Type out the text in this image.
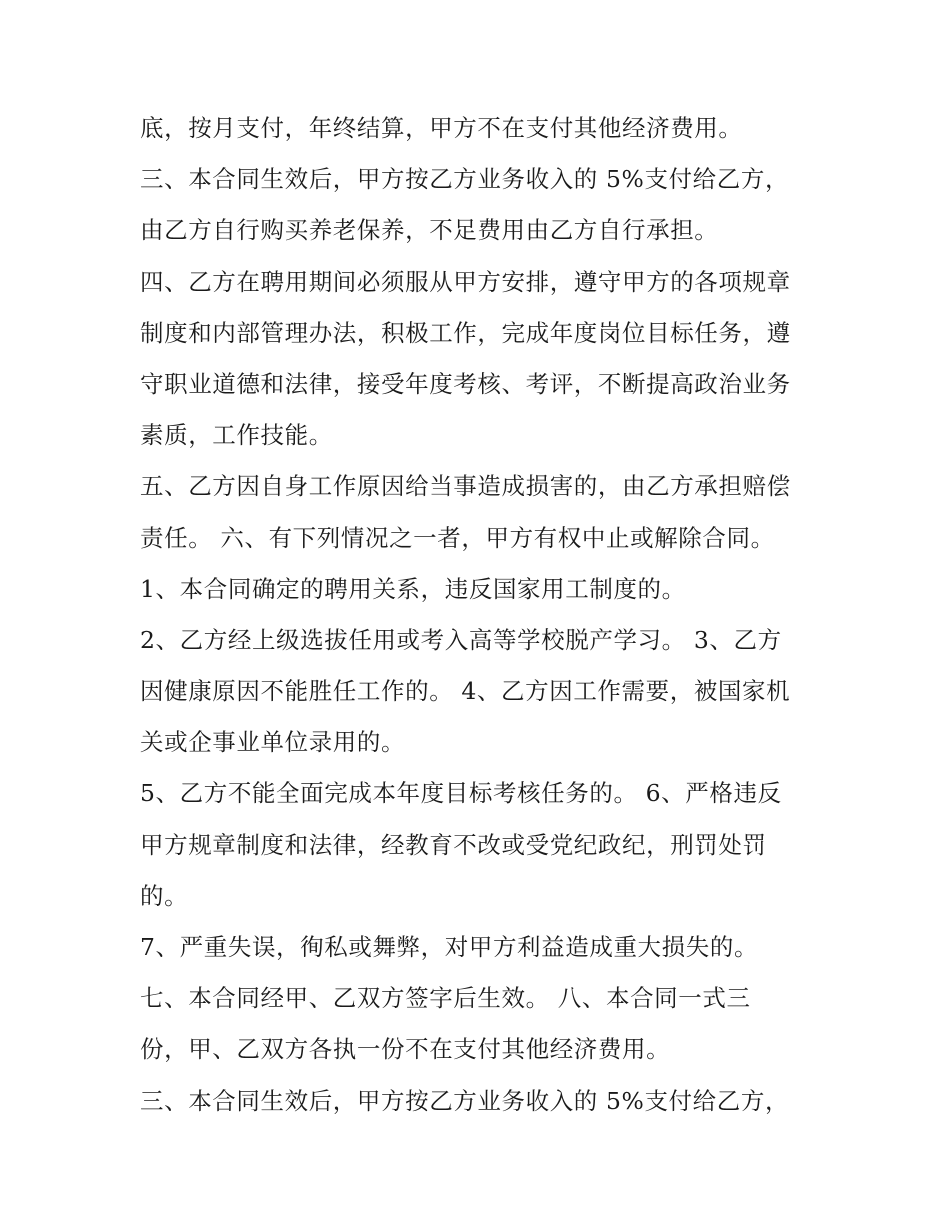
底，按月支付，年终结算，甲方不在支付其他经济费用。
三、本合同生效后，甲方按乙方业务收入的 5%支付给乙方，
由乙方自行购买养老保养，不足费用由乙方自行承担。
四、乙方在聘用期间必须服从甲方安排，遵守甲方的各项规章
制度和内部管理办法，积极工作，完成年度岗位目标任务，遵
守职业道德和法律，接受年度考核、考评，不断提高政治业务
素质，工作技能。
五、乙方因自身工作原因给当事造成损害的，由乙方承担赔偿
责任。 六、有下列情况之一者，甲方有权中止或解除合同。
1、本合同确定的聘用关系，违反国家用工制度的。
2、乙方经上级选拔任用或考入高等学校脱产学习。 3、乙方
因健康原因不能胜任工作的。 4、乙方因工作需要，被国家机
关或企事业单位录用的。
5、乙方不能全面完成本年度目标考核任务的。 6、严格违反
甲方规章制度和法律，经教育不改或受党纪政纪，刑罚处罚
的。
7、严重失误，徇私或舞弊，对甲方利益造成重大损失的。
七、本合同经甲、乙双方签字后生效。 八、本合同一式三
份，甲、乙双方各执一份不在支付其他经济费用。
三、本合同生效后，甲方按乙方业务收入的 5%支付给乙方，
